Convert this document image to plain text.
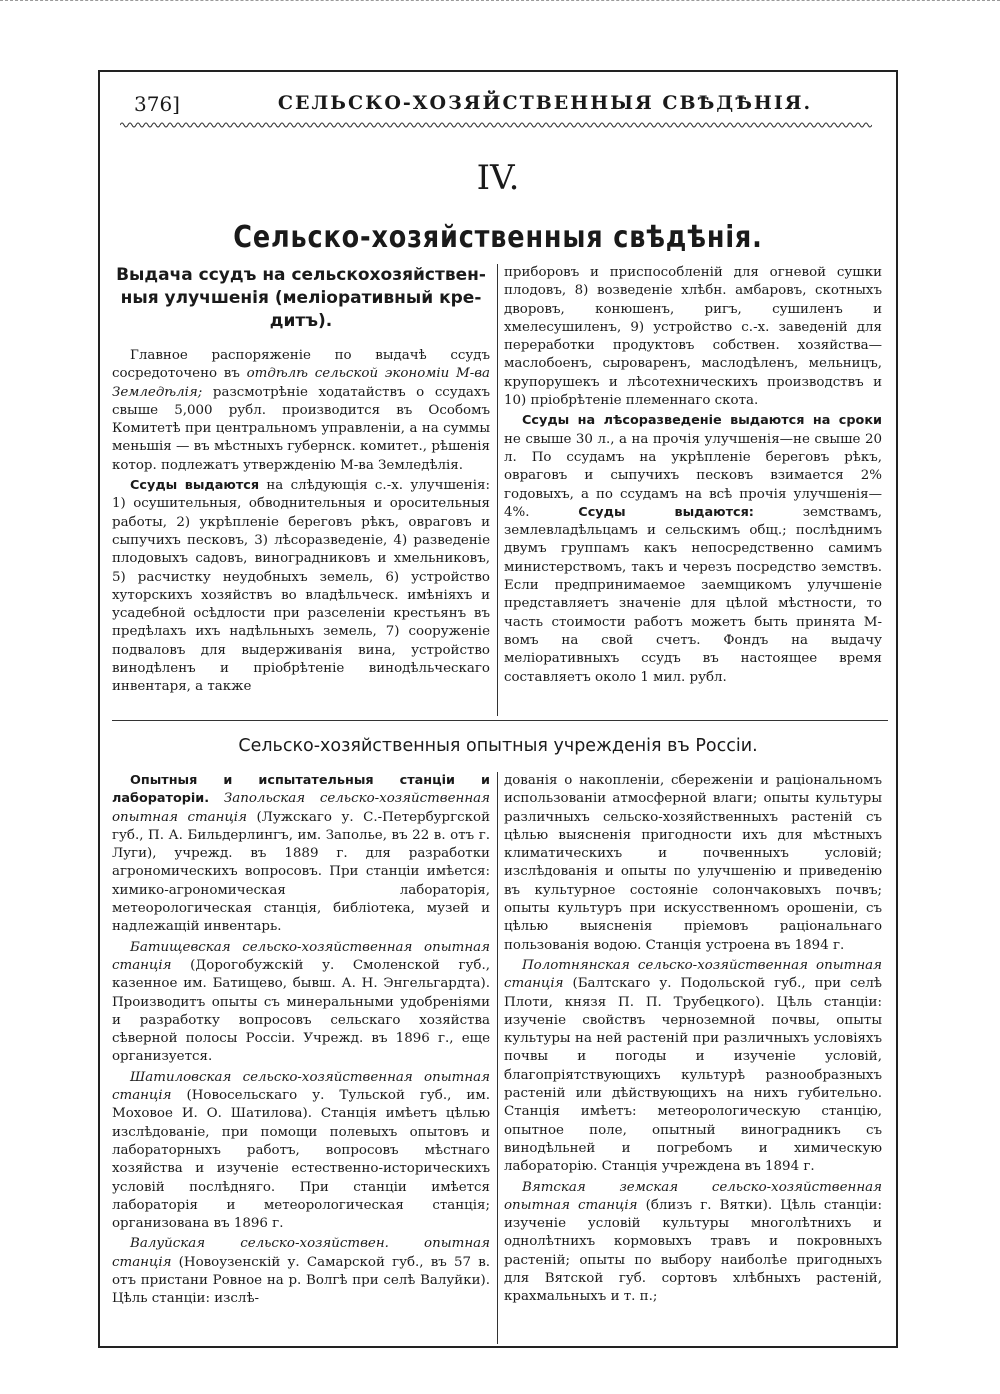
376]	СЕЛЬСКО-ХОЗЯЙСТВЕННЫЯ СВѢДѢНІЯ.
IV.
Сельско-хозяйственныя свѣдѣнія.
Выдача ссудъ на сельскохозяйствен-ныя улучшенія (меліоративный кре-дитъ).

Главное распоряженіе по выдачѣ ссудъ сосредоточено въ отдѣлѣ сельской экономіи М-ва Земледѣлія; разсмотрѣніе ходатайствъ о ссудахъ свыше 5,000 рубл. производится въ Особомъ Комитетѣ при центральномъ управленіи, а на суммы меньшія — въ мѣстныхъ губернск. комитет., рѣшенія котор. подлежатъ утвержденію М-ва Земледѣлія.

Ссуды выдаются на слѣдующія с.-х. улучшенія: 1) осушительныя, обводнительныя и оросительныя работы, 2) укрѣпленіе береговъ рѣкъ, овраговъ и сыпучихъ песковъ, 3) лѣсоразведеніе, 4) разведеніе плодовыхъ садовъ, виноградниковъ и хмельниковъ, 5) расчистку неудобныхъ земель, 6) устройство хуторскихъ хозяйствъ во владѣльческ. имѣніяхъ и усадебной осѣдлости при разселеніи крестьянъ въ предѣлахъ ихъ надѣльныхъ земель, 7) сооруженіе подваловъ для выдерживанія вина, устройство винодѣленъ и пріобрѣтеніе винодѣльческаго инвентаря, а также

приборовъ и приспособленій для огневой сушки плодовъ, 8) возведеніе хлѣбн. амбаровъ, скотныхъ дворовъ, конюшенъ, ригъ, сушиленъ и хмелесушиленъ, 9) устройство с.-х. заведеній для переработки продуктовъ собствен. хозяйства—маслобоенъ, сыроваренъ, маслодѣленъ, мельницъ, крупорушекъ и лѣсотехническихъ производствъ и 10) пріобрѣтеніе племеннаго скота.

Ссуды на лѣсоразведеніе выдаются на сроки не свыше 30 л., а на прочія улучшенія—не свыше 20 л. По ссудамъ на укрѣпленіе береговъ рѣкъ, овраговъ и сыпучихъ песковъ взимается 2% годовыхъ, а по ссудамъ на всѣ прочія улучшенія—4%. Ссуды выдаются: земствамъ, землевладѣльцамъ и сельскимъ общ.; послѣднимъ двумъ группамъ какъ непосредственно самимъ министерствомъ, такъ и черезъ посредство земствъ. Если предпринимаемое заемщикомъ улучшеніе представляетъ значеніе для цѣлой мѣстности, то часть стоимости работъ можетъ быть принята М-вомъ на свой счетъ. Фондъ на выдачу меліоративныхъ ссудъ въ настоящее время составляетъ около 1 мил. рубл.

Сельско-хозяйственныя опытныя учрежденія въ Россіи.

Опытныя и испытательныя станціи и лабораторіи. Запольская сельско-хозяйственная опытная станція (Лужскаго у. С.-Петербургской губ., П. А. Бильдерлингъ, им. Заполье, въ 22 в. отъ г. Луги), учрежд. въ 1889 г. для разработки агрономическихъ вопросовъ. При станціи имѣется: химико-агрономическая лабораторія, метеорологическая станція, библіотека, музей и надлежащій инвентарь.

Батищевская сельско-хозяйственная опытная станція (Дорогобужскій у. Смоленской губ., казенное им. Батищево, бывш. А. Н. Энгельгардта). Производитъ опыты съ минеральными удобреніями и разработку вопросовъ сельскаго хозяйства сѣверной полосы Россіи. Учрежд. въ 1896 г., еще организуется.

Шатиловская сельско-хозяйственная опытная станція (Новосельскаго у. Тульской губ., им. Моховое И. О. Шатилова). Станція имѣетъ цѣлью изслѣдованіе, при помощи полевыхъ опытовъ и лабораторныхъ работъ, вопросовъ мѣстнаго хозяйства и изученіе естественно-историческихъ условій послѣдняго. При станціи имѣется лабораторія и метеорологическая станція; организована въ 1896 г.

Валуйская сельско-хозяйствен. опытная станція (Новоузенскій у. Самарской губ., въ 57 в. отъ пристани Ровное на р. Волгѣ при селѣ Валуйки). Цѣль станціи: изслѣ-

дованія о накопленіи, сбереженіи и раціональномъ использованіи атмосферной влаги; опыты культуры различныхъ сельско-хозяйственныхъ растеній съ цѣлью выясненія пригодности ихъ для мѣстныхъ климатическихъ и почвенныхъ условій; изслѣдованія и опыты по улучшенію и приведенію въ культурное состояніе солончаковыхъ почвъ; опыты культуръ при искусственномъ орошеніи, съ цѣлью выясненія пріемовъ раціональнаго пользованія водою. Станція устроена въ 1894 г.

Полотнянская сельско-хозяйственная опытная станція (Балтскаго у. Подольской губ., при селѣ Плоти, князя П. П. Трубецкого). Цѣль станціи: изученіе свойствъ черноземной почвы, опыты культуры на ней растеній при различныхъ условіяхъ почвы и погоды и изученіе условій, благопріятствующихъ культурѣ разнообразныхъ растеній или дѣйствующихъ на нихъ губительно. Станція имѣетъ: метеорологическую станцію, опытное поле, опытный виноградникъ съ винодѣльней и погребомъ и химическую лабораторію. Станція учреждена въ 1894 г.

Вятская земская сельско-хозяйственная опытная станція (близъ г. Вятки). Цѣль станціи: изученіе условій культуры многолѣтнихъ и однолѣтнихъ кормовыхъ травъ и покровныхъ растеній; опыты по выбору наиболѣе пригодныхъ для Вятской губ. сортовъ хлѣбныхъ растеній, крахмальныхъ и т. п.;
